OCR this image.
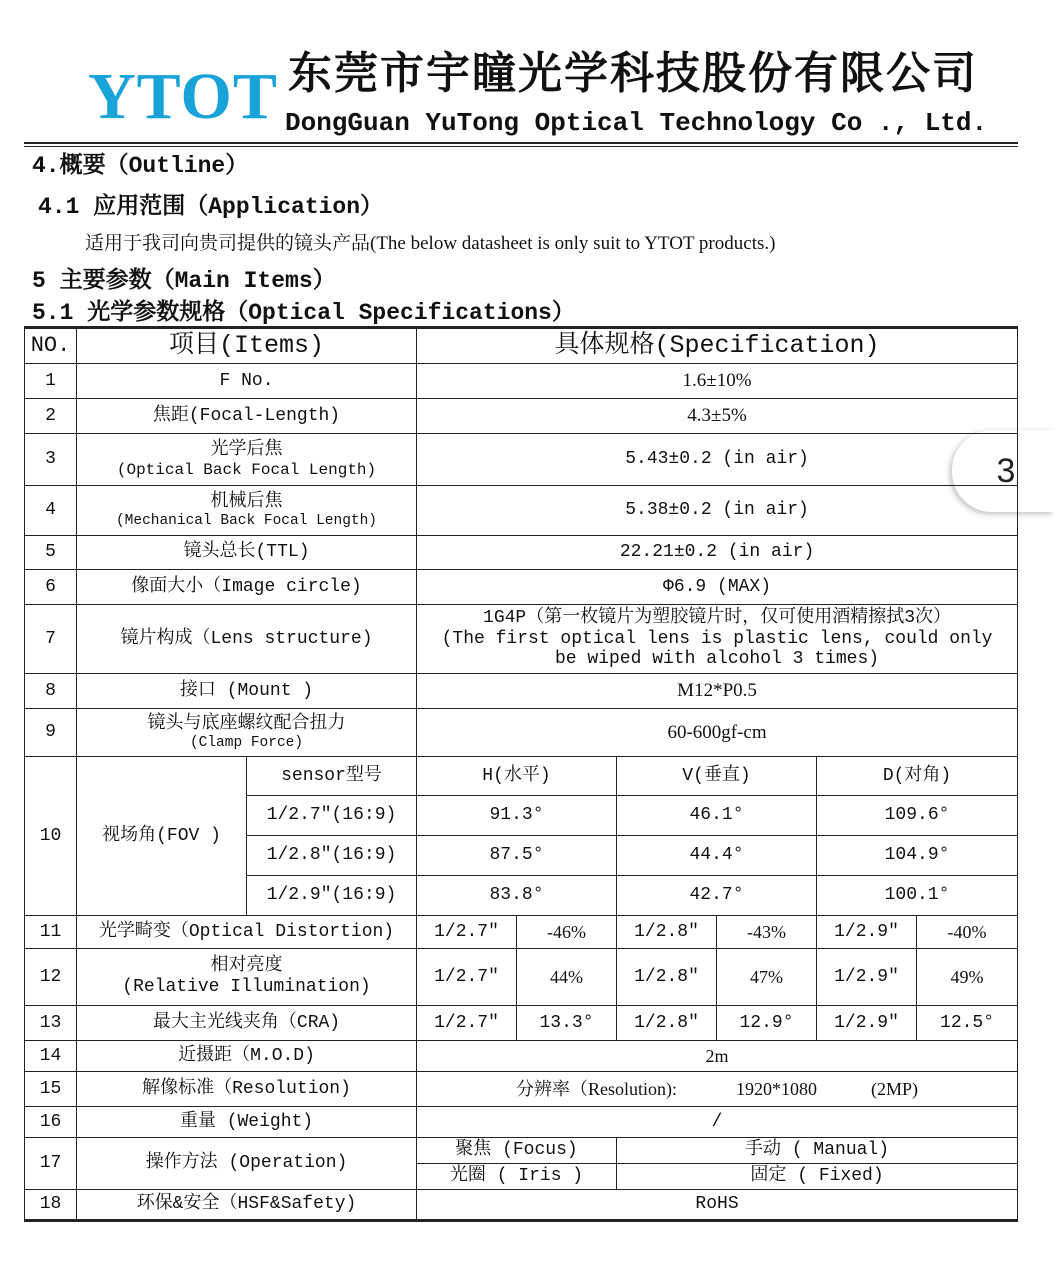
YTOT 东莞市宇瞳光学科技股份有限公司
DongGuan YuTong Optical Technology Co ., Ltd.
4.概要（Outline）
4.1 应用范围（Application）
适用于我司向贵司提供的镜头产品(The below datasheet is only suit to YTOT products.)
5 主要参数（Main Items）
5.1 光学参数规格（Optical Specifications）
3
NO.	项目(Items)		具体规格(Specification)					
1	F No.		1.6±10%					
2	焦距(Focal-Length)		4.3±5%					
3	光学后焦
(Optical Back Focal Length)		5.43±0.2 (in air)					
4	机械后焦
(Mechanical Back Focal Length)		5.38±0.2 (in air)					
5	镜头总长(TTL)		22.21±0.2 (in air)					
6	像面大小（Image circle)		Φ6.9 (MAX)					
7	镜片构成（Lens structure)		1G4P（第一枚镜片为塑胶镜片时，仅可使用酒精擦拭3次）
(The first optical lens is plastic lens, could only be wiped with alcohol 3 times)					

8	接口 (Mount )		M12*P0.5					
9	镜头与底座螺纹配合扭力
(Clamp Force)		60-600gf-cm					
10	视场角(FOV )	sensor型号	H(水平)		V(垂直)		D(对角)	
		1/2.7″(16:9)	91.3°		46.1°		109.6°	
		1/2.8″(16:9)	87.5°		44.4°		104.9°	
		1/2.9″(16:9)	83.8°		42.7°		100.1°	
11	光学畸变（Optical Distortion)		1/2.7″	-46%	1/2.8″	-43%	1/2.9″	-40%
12	相对亮度
(Relative Illumination)		1/2.7″	44%	1/2.8″	47%	1/2.9″	49%
13	最大主光线夹角（CRA)		1/2.7″	13.3°	1/2.8″	12.9°	1/2.9″	12.5°
14	近摄距（M.O.D)		2m					
15	解像标准（Resolution)		分辨率（Resolution): 1920*1080 (2MP)					
16	重量 (Weight)		/					
17	操作方法 (Operation)		聚焦 (Focus)		手动 ( Manual)			
			光圈 ( Iris )		固定 ( Fixed)			
18	环保&安全（HSF&Safety)		RoHS					
